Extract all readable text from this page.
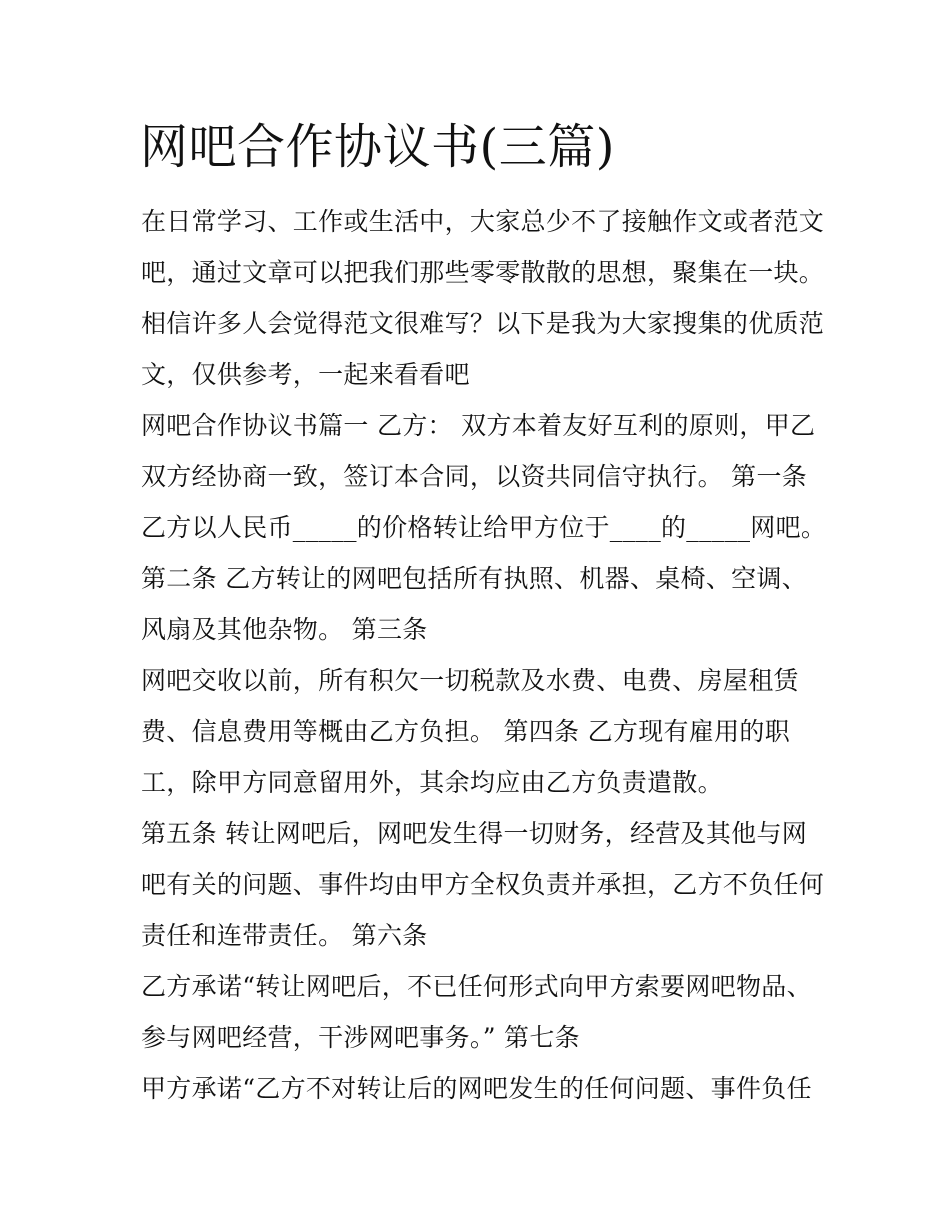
网吧合作协议书(三篇)
在日常学习、工作或生活中，大家总少不了接触作文或者范文
吧，通过文章可以把我们那些零零散散的思想，聚集在一块。
相信许多人会觉得范文很难写？以下是我为大家搜集的优质范
文，仅供参考，一起来看看吧
网吧合作协议书篇一 乙方： 双方本着友好互利的原则，甲乙
双方经协商一致，签订本合同，以资共同信守执行。 第一条
乙方以人民币_____的价格转让给甲方位于____的_____网吧。
第二条 乙方转让的网吧包括所有执照、机器、桌椅、空调、
风扇及其他杂物。 第三条
网吧交收以前，所有积欠一切税款及水费、电费、房屋租赁
费、信息费用等概由乙方负担。 第四条 乙方现有雇用的职
工，除甲方同意留用外，其余均应由乙方负责遣散。
第五条 转让网吧后，网吧发生得一切财务，经营及其他与网
吧有关的问题、事件均由甲方全权负责并承担，乙方不负任何
责任和连带责任。 第六条
乙方承诺“转让网吧后，不已任何形式向甲方索要网吧物品、
参与网吧经营，干涉网吧事务。” 第七条
甲方承诺“乙方不对转让后的网吧发生的任何问题、事件负任
